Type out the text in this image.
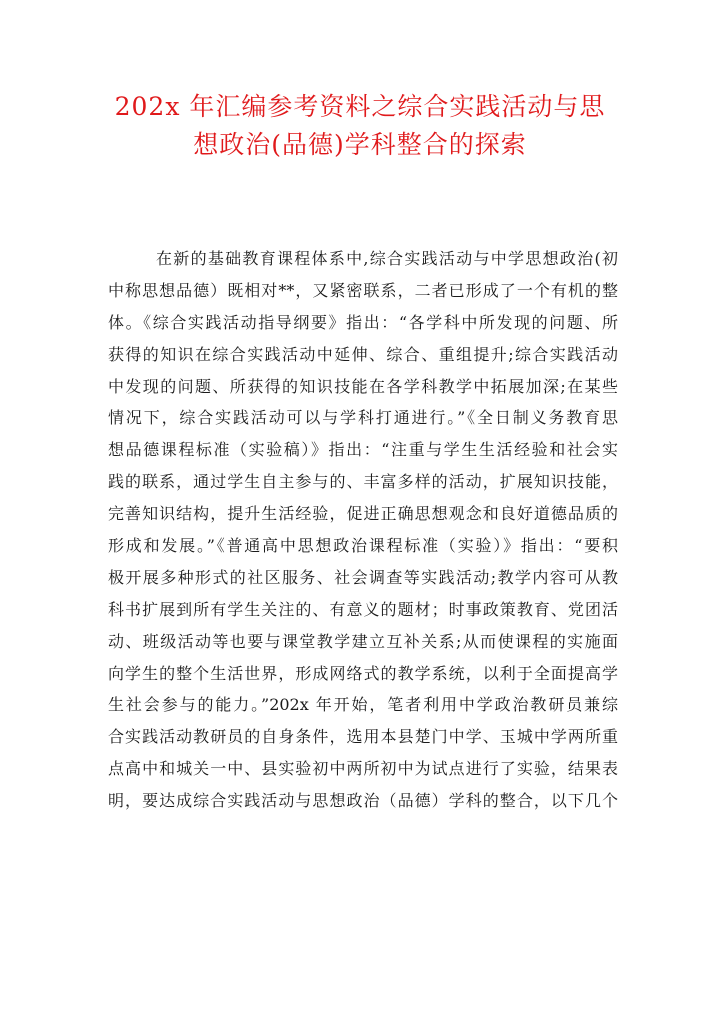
202x 年汇编参考资料之综合实践活动与思
想政治(品德)学科整合的探索
在新的基础教育课程体系中,综合实践活动与中学思想政治(初
中称思想品德）既相对**，又紧密联系，二者已形成了一个有机的整
体。《综合实践活动指导纲要》指出：“各学科中所发现的问题、所
获得的知识在综合实践活动中延伸、综合、重组提升;综合实践活动
中发现的问题、所获得的知识技能在各学科教学中拓展加深;在某些
情况下，综合实践活动可以与学科打通进行。”《全日制义务教育思
想品德课程标准（实验稿）》指出：“注重与学生生活经验和社会实
践的联系，通过学生自主参与的、丰富多样的活动，扩展知识技能，
完善知识结构，提升生活经验，促进正确思想观念和良好道德品质的
形成和发展。”《普通高中思想政治课程标准（实验）》指出：“要积
极开展多种形式的社区服务、社会调查等实践活动;教学内容可从教
科书扩展到所有学生关注的、有意义的题材；时事政策教育、党团活
动、班级活动等也要与课堂教学建立互补关系;从而使课程的实施面
向学生的整个生活世界，形成网络式的教学系统，以利于全面提高学
生社会参与的能力。”202x 年开始，笔者利用中学政治教研员兼综
合实践活动教研员的自身条件，选用本县楚门中学、玉城中学两所重
点高中和城关一中、县实验初中两所初中为试点进行了实验，结果表
明，要达成综合实践活动与思想政治（品德）学科的整合，以下几个
